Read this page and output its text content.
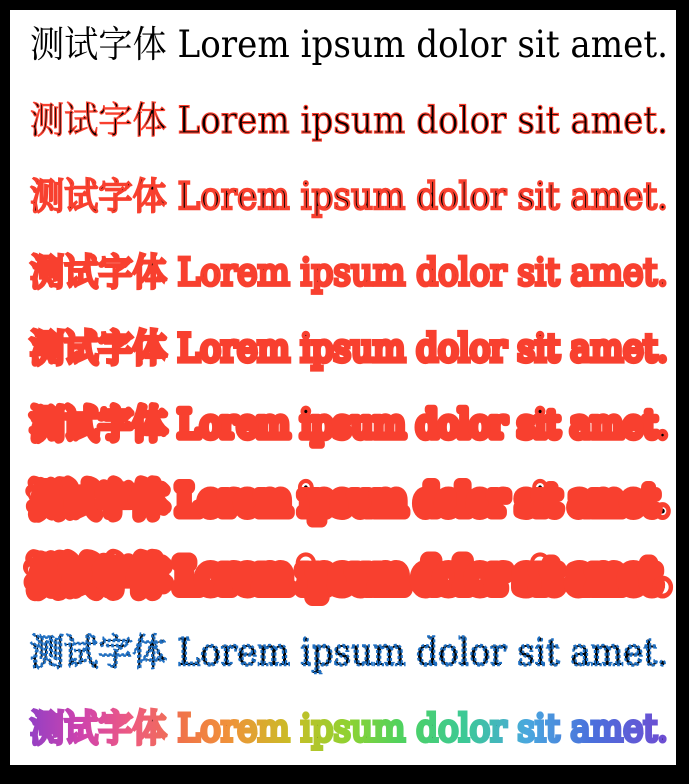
测试字体 Lorem ipsum dolor sit amet.
测试字体 Lorem ipsum dolor sit amet.
测试字体 Lorem ipsum dolor sit amet.
测试字体 Lorem ipsum dolor sit amet.
测试字体 Lorem ipsum dolor sit amet.
测试字体 Lorem ipsum dolor sit amet.
测试字体 Lorem ipsum dolor sit amet.
测试字体 Lorem ipsum dolor sit amet.
测试字体 Lorem ipsum dolor sit amet.
测试字体 Lorem ipsum dolor sit amet.
